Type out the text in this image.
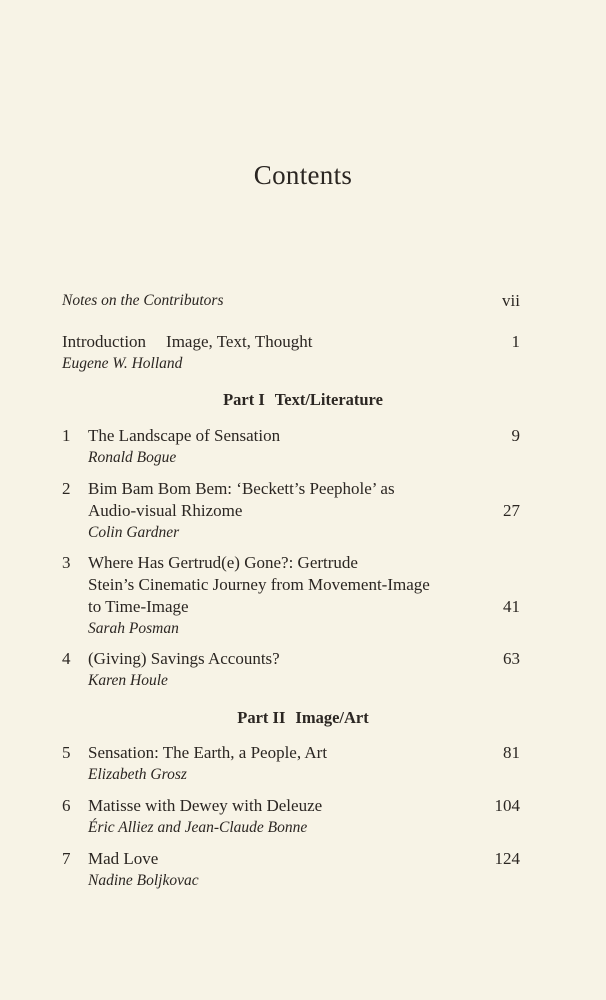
Contents
Notes on the Contributors	vii
Introduction Image, Text, Thought
Eugene W. Holland
1
Part I Text/Literature
1 The Landscape of Sensation
Ronald Bogue
9
2 Bim Bam Bom Bem: ‘Beckett’s Peephole’ as
Audio-visual Rhizome
Colin Gardner
27
3 Where Has Gertrud(e) Gone?: Gertrude
Stein’s Cinematic Journey from Movement-Image
to Time-Image
Sarah Posman
41
4 (Giving) Savings Accounts?
Karen Houle
63
Part II Image/Art
5 Sensation: The Earth, a People, Art
Elizabeth Grosz
81
6 Matisse with Dewey with Deleuze
Éric Alliez and Jean-Claude Bonne
104
7 Mad Love
Nadine Boljkovac
124
